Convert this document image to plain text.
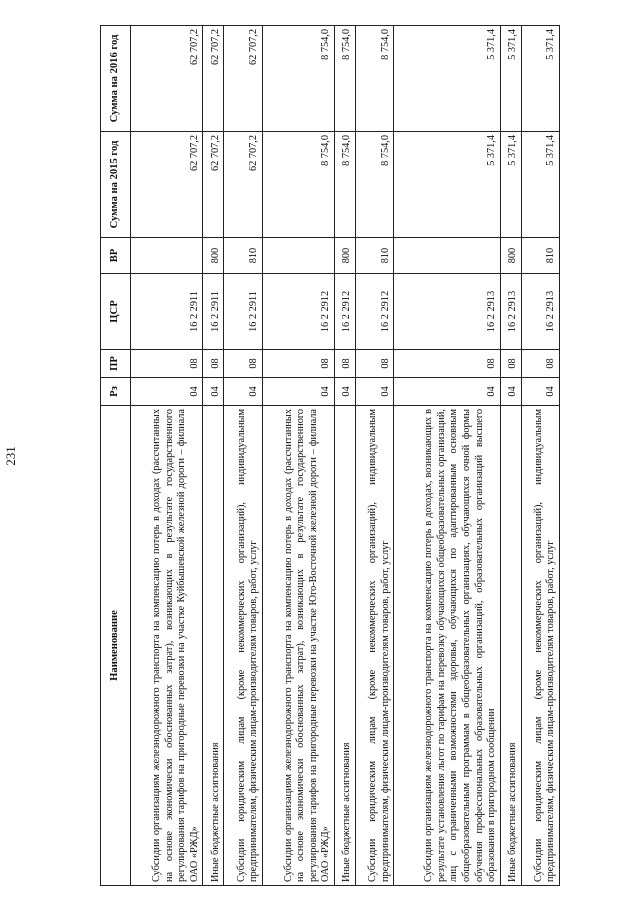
231
Наименование	Рз	ПР	ЦСР	ВР	Сумма на 2015 год	Сумма на 2016 год
Субсидии организациям железнодорожного транспорта на компенсацию потерь в доходах (рассчитанных на основе экономически обоснованных затрат), возникающих в результате государственного регулирования тарифов на пригородные перевозки на участке Куйбышевской железной дороги – филиала ОАО «РЖД»	04	08	16 2 2911		62 707,2	62 707,2
Иные бюджетные ассигнования	04	08	16 2 2911	800	62 707,2	62 707,2
Субсидии юридическим лицам (кроме некоммерческих организаций), индивидуальным предпринимателям, физическим лицам-производителям товаров, работ, услуг	04	08	16 2 2911	810	62 707,2	62 707,2
Субсидии организациям железнодорожного транспорта на компенсацию потерь в доходах (рассчитанных на основе экономически обоснованных затрат), возникающих в результате государственного регулирования тарифов на пригородные перевозки на участке Юго-Восточной железной дороги – филиала ОАО «РЖД»	04	08	16 2 2912		8 754,0	8 754,0
Иные бюджетные ассигнования	04	08	16 2 2912	800	8 754,0	8 754,0
Субсидии юридическим лицам (кроме некоммерческих организаций), индивидуальным предпринимателям, физическим лицам-производителям товаров, работ, услуг	04	08	16 2 2912	810	8 754,0	8 754,0
Субсидии организациям железнодорожного транспорта на компенсацию потерь в доходах, возникающих в результате установления льгот по тарифам на перевозку обучающихся общеобразовательных организаций, лиц с ограниченными возможностями здоровья, обучающихся по адаптированным основным общеобразовательным программам в общеобразовательных организациях, обучающихся очной формы обучения профессиональных образовательных организаций, образовательных организаций высшего образования в пригородном сообщении	04	08	16 2 2913		5 371,4	5 371,4
Иные бюджетные ассигнования	04	08	16 2 2913	800	5 371,4	5 371,4
Субсидии юридическим лицам (кроме некоммерческих организаций), индивидуальным предпринимателям, физическим лицам-производителям товаров, работ, услуг	04	08	16 2 2913	810	5 371,4	5 371,4
